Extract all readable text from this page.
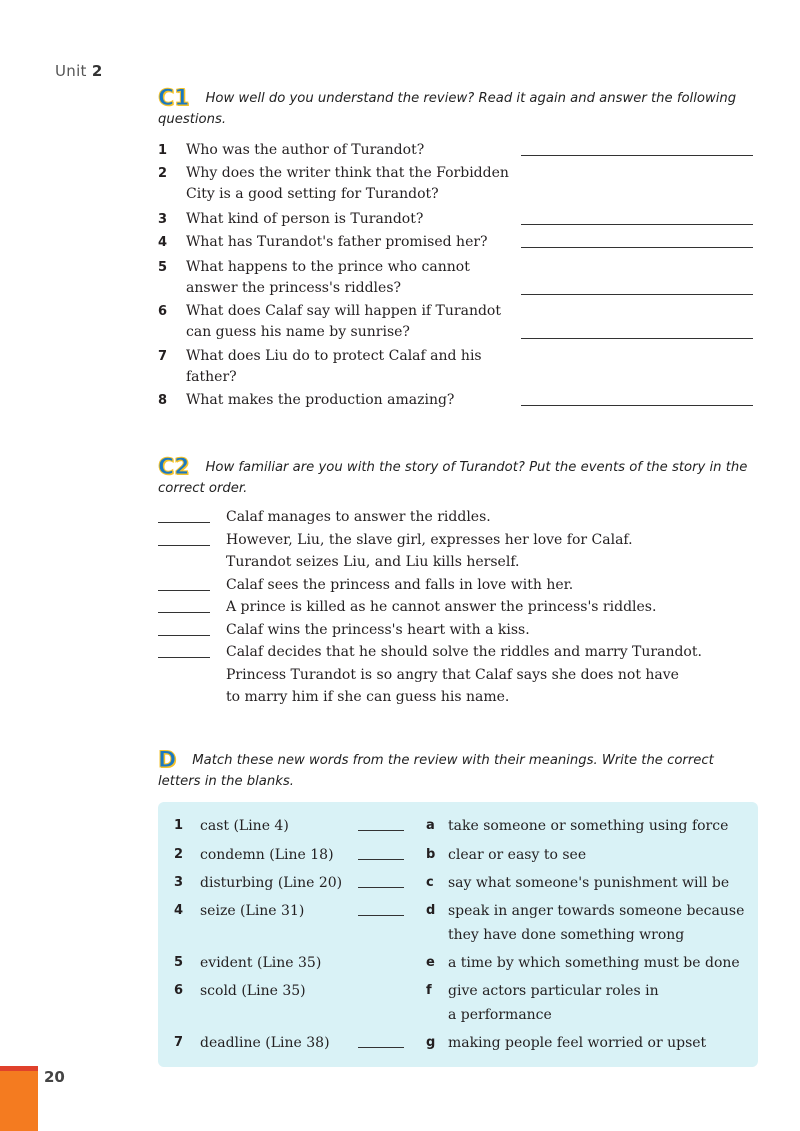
Unit 2
C1 How well do you understand the review? Read it again and answer the following questions.
1	Who was the author of Turandot?
2	Why does the writer think that the Forbidden City is a good setting for Turandot?
3	What kind of person is Turandot?
4	What has Turandot's father promised her?
5	What happens to the prince who cannot answer the princess's riddles?
6	What does Calaf say will happen if Turandot can guess his name by sunrise?
7	What does Liu do to protect Calaf and his father?
8	What makes the production amazing?
C2 How familiar are you with the story of Turandot? Put the events of the story in the correct order.
Calaf manages to answer the riddles.
However, Liu, the slave girl, expresses her love for Calaf.
Turandot seizes Liu, and Liu kills herself.
Calaf sees the princess and falls in love with her.
A prince is killed as he cannot answer the princess's riddles.
Calaf wins the princess's heart with a kiss.
Calaf decides that he should solve the riddles and marry Turandot.
Princess Turandot is so angry that Calaf says she does not have to marry him if she can guess his name.
D Match these new words from the review with their meanings. Write the correct letters in the blanks.
1	cast (Line 4)	a take someone or something using force
2	condemn (Line 18)	b clear or easy to see
3	disturbing (Line 20)	c	say what someone's punishment will be
4	seize (Line 31)	d speak in anger towards someone because they have done something wrong
5	evident (Line 35)	e a time by which something must be done
6	scold (Line 35)	f	give actors particular roles in a performance
7	deadline (Line 38)	g making people feel worried or upset
20
